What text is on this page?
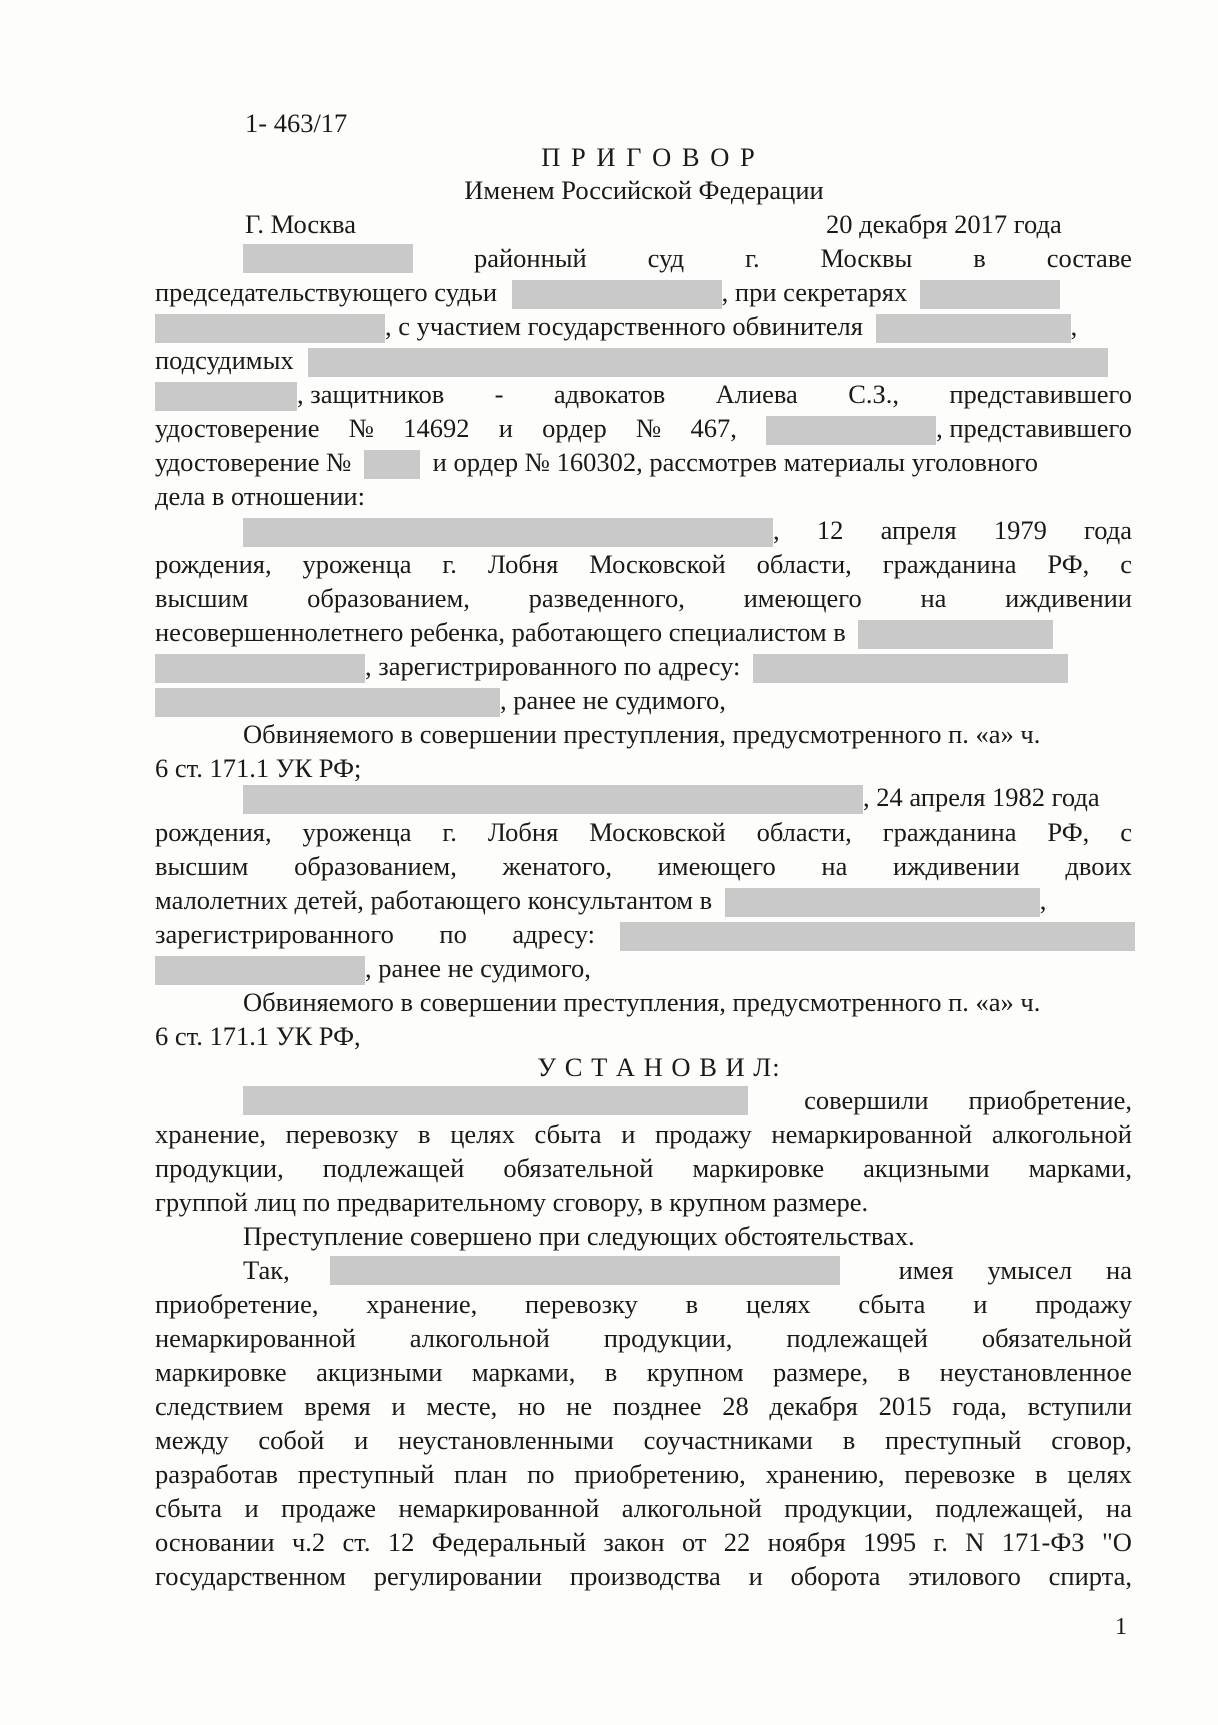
1- 463/17
П Р И Г О В О Р
Именем Российской Федерации
Г. Москва	20 декабря 2017 года
районный суд г. Москвы в составе
председательствующего судьи	, при секретарях
, с участием государственного обвинителя	,
подсудимых
, защитников - адвокатов Алиева С.З., представившего
удостоверение № 14692 и ордер № 467,	, представившего
удостоверение №	и ордер № 160302, рассмотрев материалы уголовного
дела в отношении:
, 12 апреля 1979 года
рождения, уроженца г. Лобня Московской области, гражданина РФ, с
высшим образованием, разведенного, имеющего на иждивении
несовершеннолетнего ребенка, работающего специалистом в
, зарегистрированного по адресу:
, ранее не судимого,
Обвиняемого в совершении преступления, предусмотренного п. «а» ч.
6 ст. 171.1 УК РФ;
, 24 апреля 1982 года
рождения, уроженца г. Лобня Московской области, гражданина РФ, с
высшим образованием, женатого, имеющего на иждивении двоих
малолетних детей, работающего консультантом в	,
зарегистрированного по адресу:

, ранее не судимого,
Обвиняемого в совершении преступления, предусмотренного п. «а» ч.
6 ст. 171.1 УК РФ,
У С Т А Н О В И Л:
совершили приобретение,
хранение, перевозку в целях сбыта и продажу немаркированной алкогольной
продукции, подлежащей обязательной маркировке акцизными марками,
группой лиц по предварительному сговору, в крупном размере.
Преступление совершено при следующих обстоятельствах.
Так,	имея умысел на
приобретение, хранение, перевозку в целях сбыта и продажу
немаркированной алкогольной продукции, подлежащей обязательной
маркировке акцизными марками, в крупном размере, в неустановленное
следствием время и месте, но не позднее 28 декабря 2015 года, вступили
между собой и неустановленными соучастниками в преступный сговор,
разработав преступный план по приобретению, хранению, перевозке в целях
сбыта и продаже немаркированной алкогольной продукции, подлежащей, на
основании ч.2 ст. 12 Федеральный закон от 22 ноября 1995 г. N 171-ФЗ "О
государственном регулировании производства и оборота этилового спирта,
1
